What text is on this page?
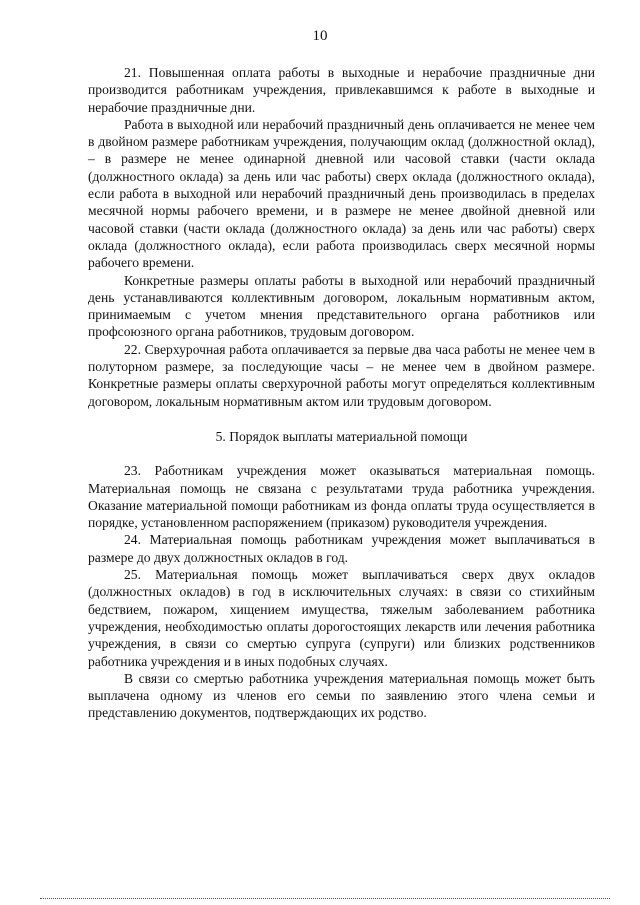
10

21. Повышенная оплата работы в выходные и нерабочие праздничные дни производится работникам учреждения, привлекавшимся к работе в выходные и нерабочие праздничные дни.

Работа в выходной или нерабочий праздничный день оплачивается не менее чем в двойном размере работникам учреждения, получающим оклад (должностной оклад), – в размере не менее одинарной дневной или часовой ставки (части оклада (должностного оклада) за день или час работы) сверх оклада (должностного оклада), если работа в выходной или нерабочий праздничный день производилась в пределах месячной нормы рабочего времени, и в размере не менее двойной дневной или часовой ставки (части оклада (должностного оклада) за день или час работы) сверх оклада (должностного оклада), если работа производилась сверх месячной нормы рабочего времени.

Конкретные размеры оплаты работы в выходной или нерабочий праздничный день устанавливаются коллективным договором, локальным нормативным актом, принимаемым с учетом мнения представительного органа работников или профсоюзного органа работников, трудовым договором.

22. Сверхурочная работа оплачивается за первые два часа работы не менее чем в полуторном размере, за последующие часы – не менее чем в двойном размере. Конкретные размеры оплаты сверхурочной работы могут определяться коллективным договором, локальным нормативным актом или трудовым договором.

5. Порядок выплаты материальной помощи

23. Работникам учреждения может оказываться материальная помощь. Материальная помощь не связана с результатами труда работника учреждения. Оказание материальной помощи работникам из фонда оплаты труда осуществляется в порядке, установленном распоряжением (приказом) руководителя учреждения.

24. Материальная помощь работникам учреждения может выплачиваться в размере до двух должностных окладов в год.

25. Материальная помощь может выплачиваться сверх двух окладов (должностных окладов) в год в исключительных случаях: в связи со стихийным бедствием, пожаром, хищением имущества, тяжелым заболеванием работника учреждения, необходимостью оплаты дорогостоящих лекарств или лечения работника учреждения, в связи со смертью супруга (супруги) или близких родственников работника учреждения и в иных подобных случаях.

В связи со смертью работника учреждения материальная помощь может быть выплачена одному из членов его семьи по заявлению этого члена семьи и представлению документов, подтверждающих их родство.
